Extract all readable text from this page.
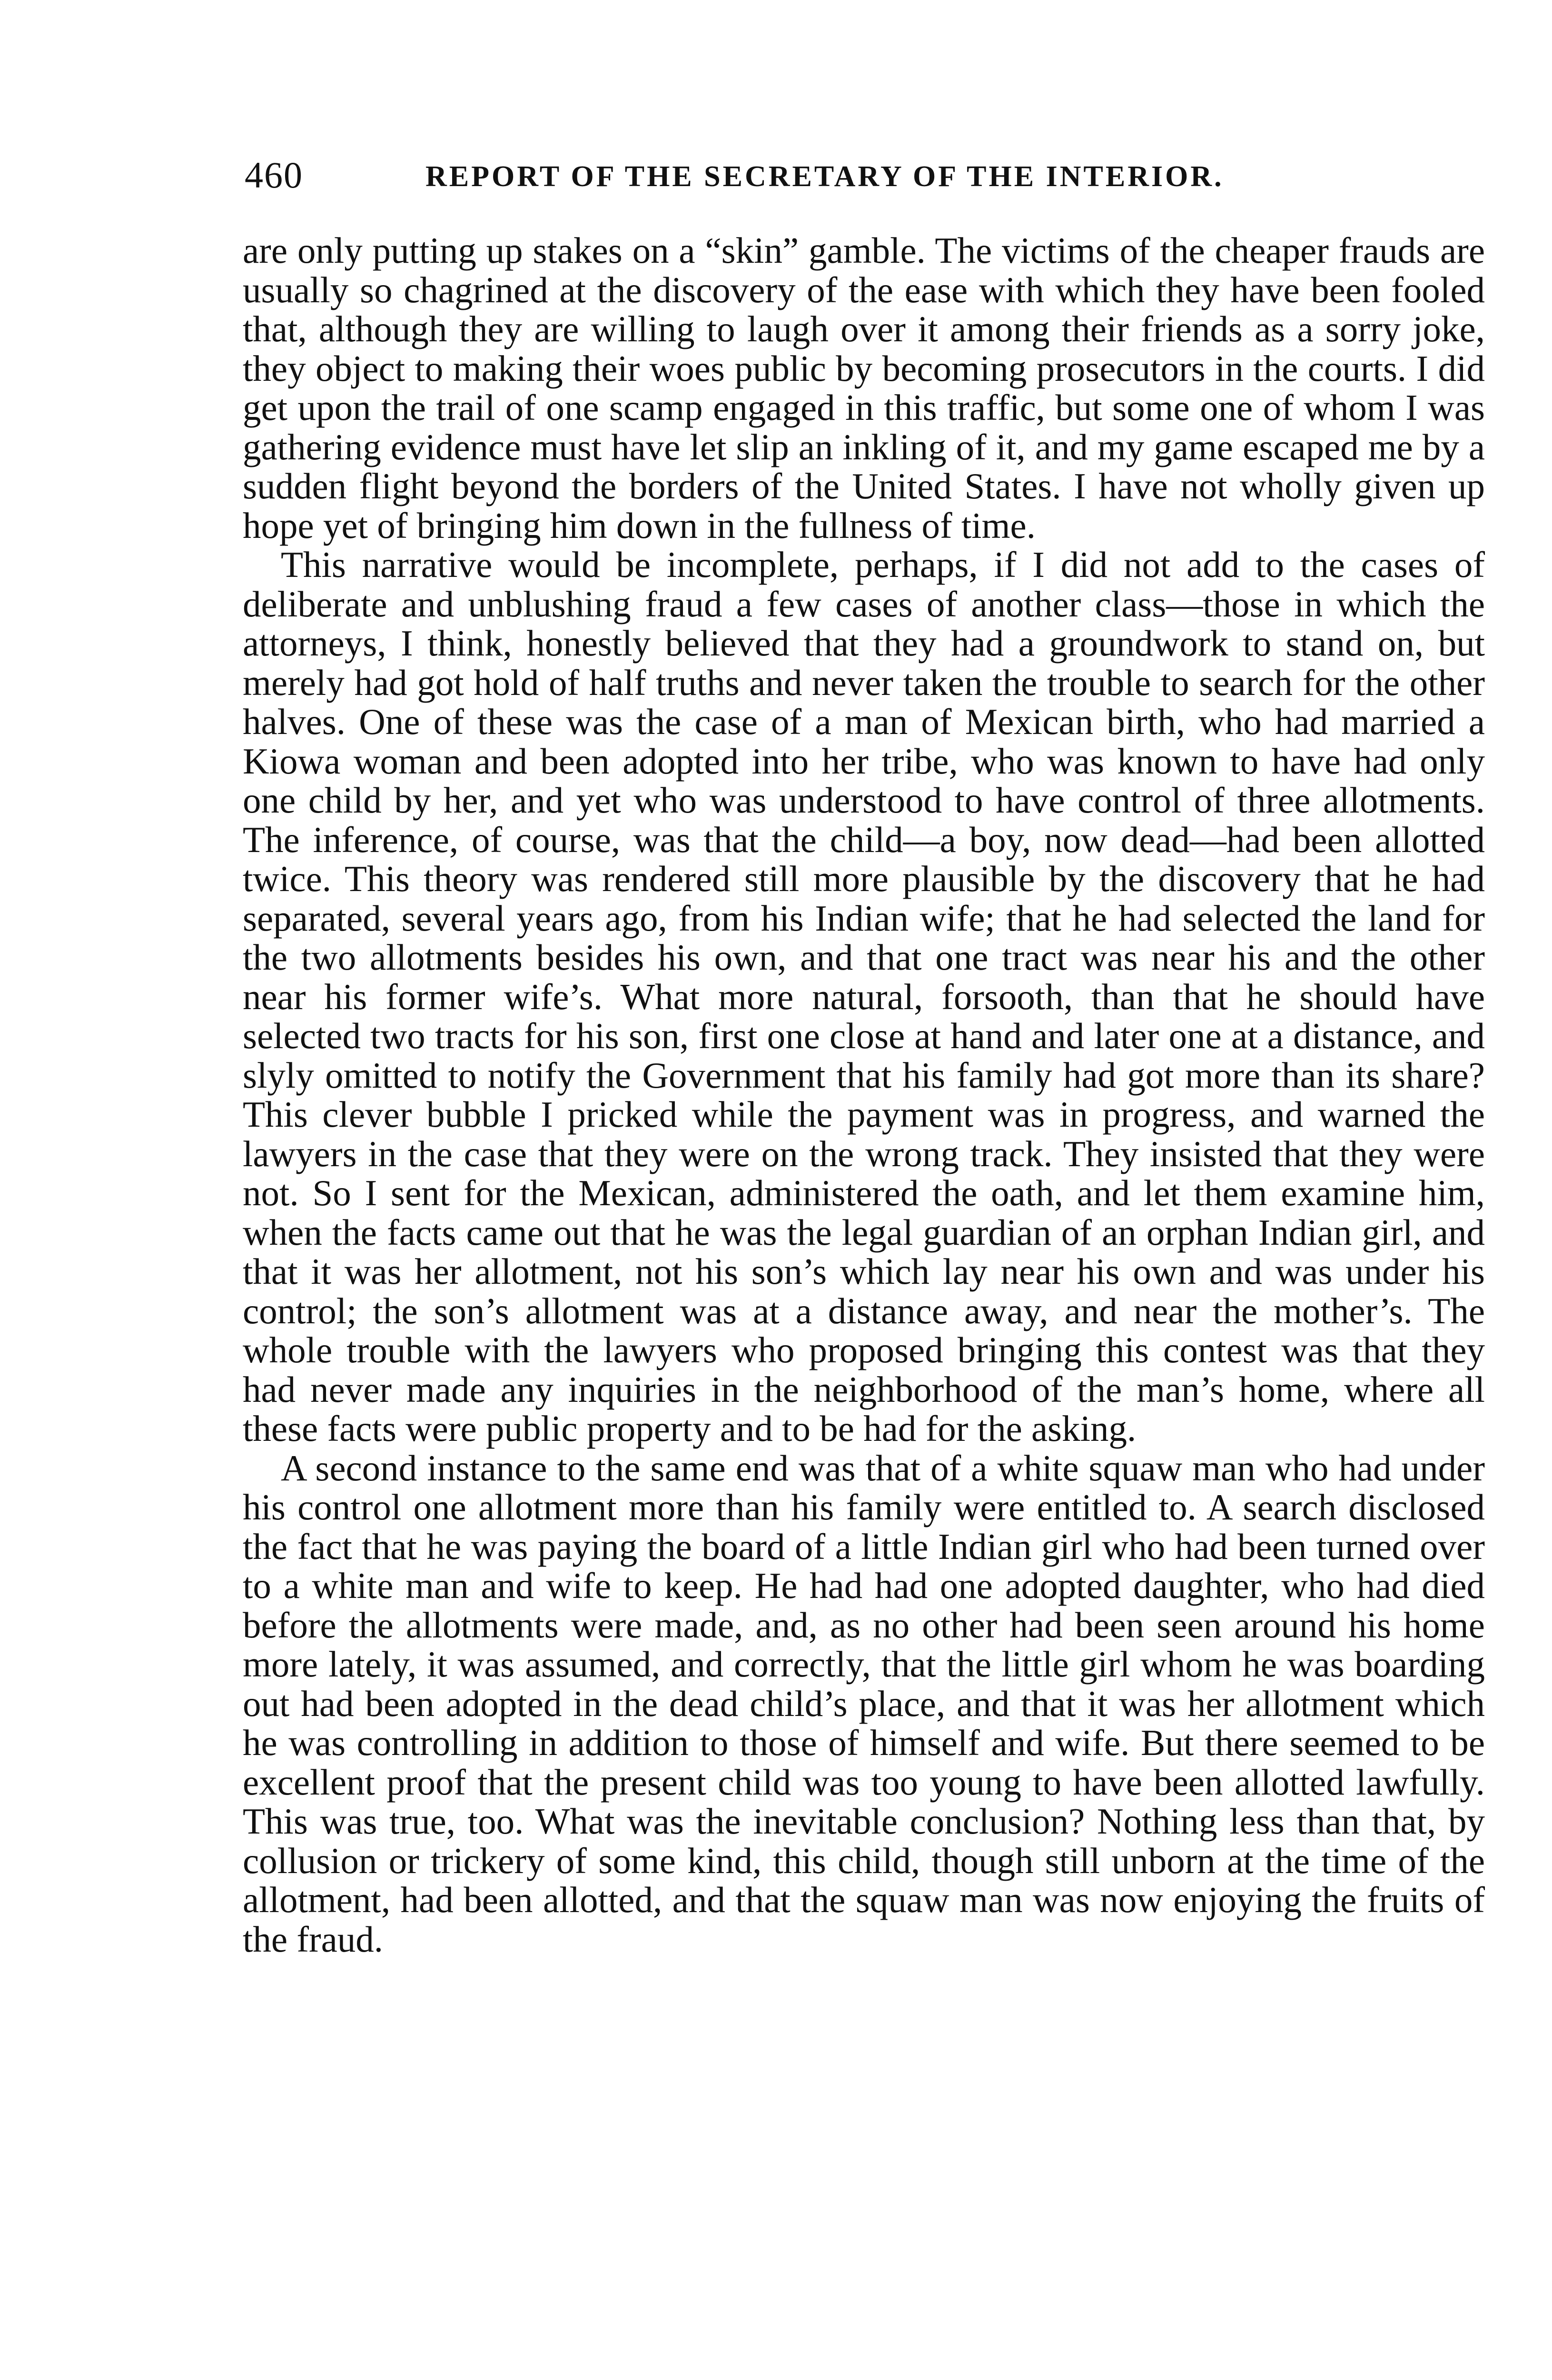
460	REPORT OF THE SECRETARY OF THE INTERIOR.

are only putting up stakes on a “skin” gamble. The victims of the cheaper frauds are usually so chagrined at the discovery of the ease with which they have been fooled that, although they are willing to laugh over it among their friends as a sorry joke, they object to making their woes public by becoming prosecutors in the courts. I did get upon the trail of one scamp engaged in this traffic, but some one of whom I was gathering evidence must have let slip an inkling of it, and my game escaped me by a sudden flight beyond the borders of the United States. I have not wholly given up hope yet of bringing him down in the fullness of time.

This narrative would be incomplete, perhaps, if I did not add to the cases of deliberate and unblushing fraud a few cases of another class—those in which the attorneys, I think, honestly believed that they had a groundwork to stand on, but merely had got hold of half truths and never taken the trouble to search for the other halves. One of these was the case of a man of Mexican birth, who had married a Kiowa woman and been adopted into her tribe, who was known to have had only one child by her, and yet who was understood to have control of three allotments. The inference, of course, was that the child—a boy, now dead—had been allotted twice. This theory was rendered still more plausible by the discovery that he had separated, several years ago, from his Indian wife; that he had selected the land for the two allotments besides his own, and that one tract was near his and the other near his former wife’s. What more natural, forsooth, than that he should have selected two tracts for his son, first one close at hand and later one at a distance, and slyly omitted to notify the Government that his family had got more than its share? This clever bubble I pricked while the payment was in progress, and warned the lawyers in the case that they were on the wrong track. They insisted that they were not. So I sent for the Mexican, administered the oath, and let them examine him, when the facts came out that he was the legal guardian of an orphan Indian girl, and that it was her allotment, not his son’s which lay near his own and was under his control; the son’s allotment was at a distance away, and near the mother’s. The whole trouble with the lawyers who proposed bringing this contest was that they had never made any inquiries in the neighborhood of the man’s home, where all these facts were public property and to be had for the asking.

A second instance to the same end was that of a white squaw man who had under his control one allotment more than his family were entitled to. A search disclosed the fact that he was paying the board of a little Indian girl who had been turned over to a white man and wife to keep. He had had one adopted daughter, who had died before the allotments were made, and, as no other had been seen around his home more lately, it was assumed, and correctly, that the little girl whom he was boarding out had been adopted in the dead child’s place, and that it was her allotment which he was controlling in addition to those of himself and wife. But there seemed to be excellent proof that the present child was too young to have been allotted lawfully. This was true, too. What was the inevitable conclusion? Nothing less than that, by collusion or trickery of some kind, this child, though still unborn at the time of the allotment, had been allotted, and that the squaw man was now enjoying the fruits of the fraud.
